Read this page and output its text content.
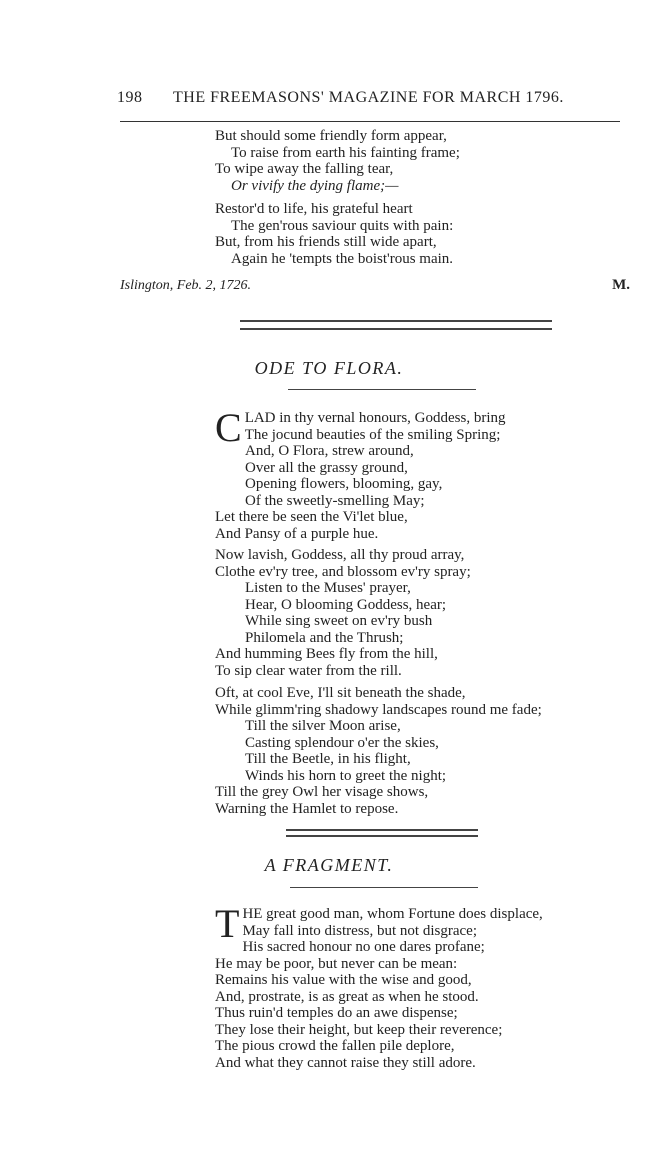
198 THE FREEMASONS' MAGAZINE FOR MARCH 1796.
But should some friendly form appear,
To raise from earth his fainting frame;
To wipe away the falling tear,
Or vivify the dying flame;—
Restor'd to life, his grateful heart
The gen'rous saviour quits with pain:
But, from his friends still wide apart,
Again he 'tempts the boist'rous main.
Islington, Feb. 2, 1726.	M.
ODE TO FLORA.
C LAD in thy vernal honours, Goddess, bring
The jocund beauties of the smiling Spring;
And, O Flora, strew around,
Over all the grassy ground,
Opening flowers, blooming, gay,
Of the sweetly-smelling May;
Let there be seen the Vi'let blue,
And Pansy of a purple hue.
Now lavish, Goddess, all thy proud array,
Clothe ev'ry tree, and blossom ev'ry spray;
Listen to the Muses' prayer,
Hear, O blooming Goddess, hear;
While sing sweet on ev'ry bush
Philomela and the Thrush;
And humming Bees fly from the hill,
To sip clear water from the rill.
Oft, at cool Eve, I'll sit beneath the shade,
While glimm'ring shadowy landscapes round me fade;
Till the silver Moon arise,
Casting splendour o'er the skies,
Till the Beetle, in his flight,
Winds his horn to greet the night;
Till the grey Owl her visage shows,
Warning the Hamlet to repose.
A FRAGMENT.
T HE great good man, whom Fortune does displace,
May fall into distress, but not disgrace;
His sacred honour no one dares profane;
He may be poor, but never can be mean:
Remains his value with the wise and good,
And, prostrate, is as great as when he stood.
Thus ruin'd temples do an awe dispense;
They lose their height, but keep their reverence;
The pious crowd the fallen pile deplore,
And what they cannot raise they still adore.
